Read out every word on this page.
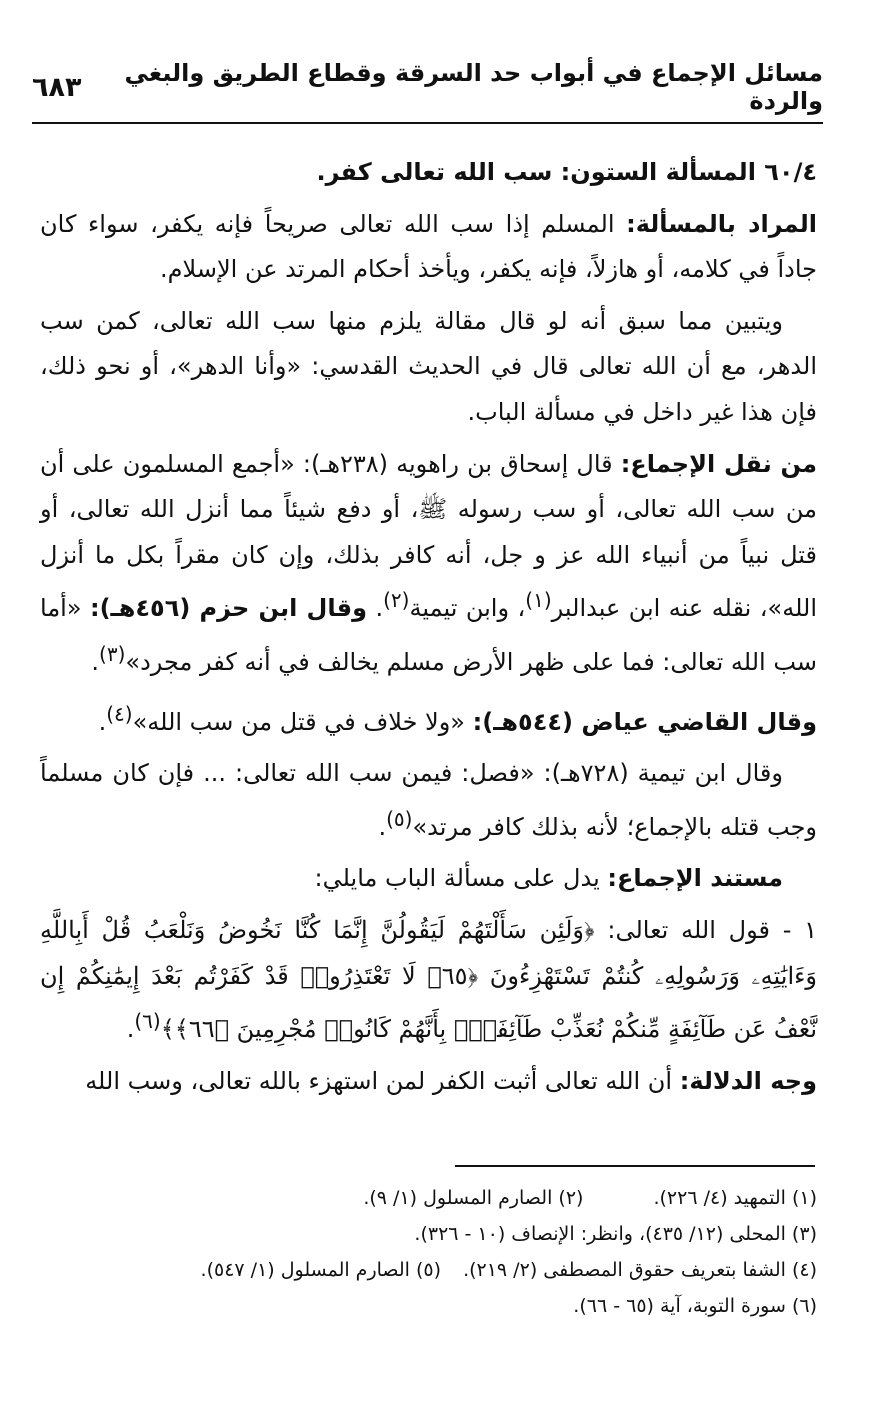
مسائل الإجماع في أبواب حد السرقة وقطاع الطريق والبغي والردة
٦٨٣

٦٠/٤ المسألة الستون: سب الله تعالى كفر.

المراد بالمسألة: المسلم إذا سب الله تعالى صريحاً فإنه يكفر، سواء كان جاداً في كلامه، أو هازلاً، فإنه يكفر، ويأخذ أحكام المرتد عن الإسلام.

ويتبين مما سبق أنه لو قال مقالة يلزم منها سب الله تعالى، كمن سب الدهر، مع أن الله تعالى قال في الحديث القدسي: «وأنا الدهر»، أو نحو ذلك، فإن هذا غير داخل في مسألة الباب.

من نقل الإجماع: قال إسحاق بن راهويه (٢٣٨هـ): «أجمع المسلمون على أن من سب الله تعالى، أو سب رسوله ﷺ، أو دفع شيئاً مما أنزل الله تعالى، أو قتل نبياً من أنبياء الله عز و جل، أنه كافر بذلك، وإن كان مقراً بكل ما أنزل الله»، نقله عنه ابن عبدالبر$^{(١)}$، وابن تيمية$^{(٢)}$. وقال ابن حزم (٤٥٦هـ): «أما سب الله تعالى: فما على ظهر الأرض مسلم يخالف في أنه كفر مجرد»$^{(٣)}$.

وقال القاضي عياض (٥٤٤هـ): «ولا خلاف في قتل من سب الله»$^{(٤)}$.

وقال ابن تيمية (٧٢٨هـ): «فصل: فيمن سب الله تعالى: ... فإن كان مسلماً وجب قتله بالإجماع؛ لأنه بذلك كافر مرتد»$^{(٥)}$.

مستند الإجماع: يدل على مسألة الباب مايلي:

١ - قول الله تعالى: ﴿وَلَئِن سَأَلْتَهُمْ لَيَقُولُنَّ إِنَّمَا كُنَّا نَخُوضُ وَنَلْعَبُ قُلْ أَبِاللَّهِ وَءَايَٰتِهِۦ وَرَسُولِهِۦ كُنتُمْ تَسْتَهْزِءُونَ ﴿٦٥﴾ لَا تَعْتَذِرُوا۟ قَدْ كَفَرْتُم بَعْدَ إِيمَٰنِكُمْ إِن نَّعْفُ عَن طَآئِفَةٍ مِّنكُمْ نُعَذِّبْ طَآئِفَةًۢ بِأَنَّهُمْ كَانُوا۟ مُجْرِمِينَ ﴿٦٦﴾﴾$^{(٦)}$.

وجه الدلالة: أن الله تعالى أثبت الكفر لمن استهزء بالله تعالى، وسب الله

(١) التمهيد (٤/ ٢٢٦).(٢) الصارم المسلول (١/ ٩).
(٣) المحلى (١٢/ ٤٣٥)، وانظر: الإنصاف (١٠ - ٣٢٦).
(٤) الشفا بتعريف حقوق المصطفى (٢/ ٢١٩).(٥) الصارم المسلول (١/ ٥٤٧).
(٦) سورة التوبة، آية (٦٥ - ٦٦).
